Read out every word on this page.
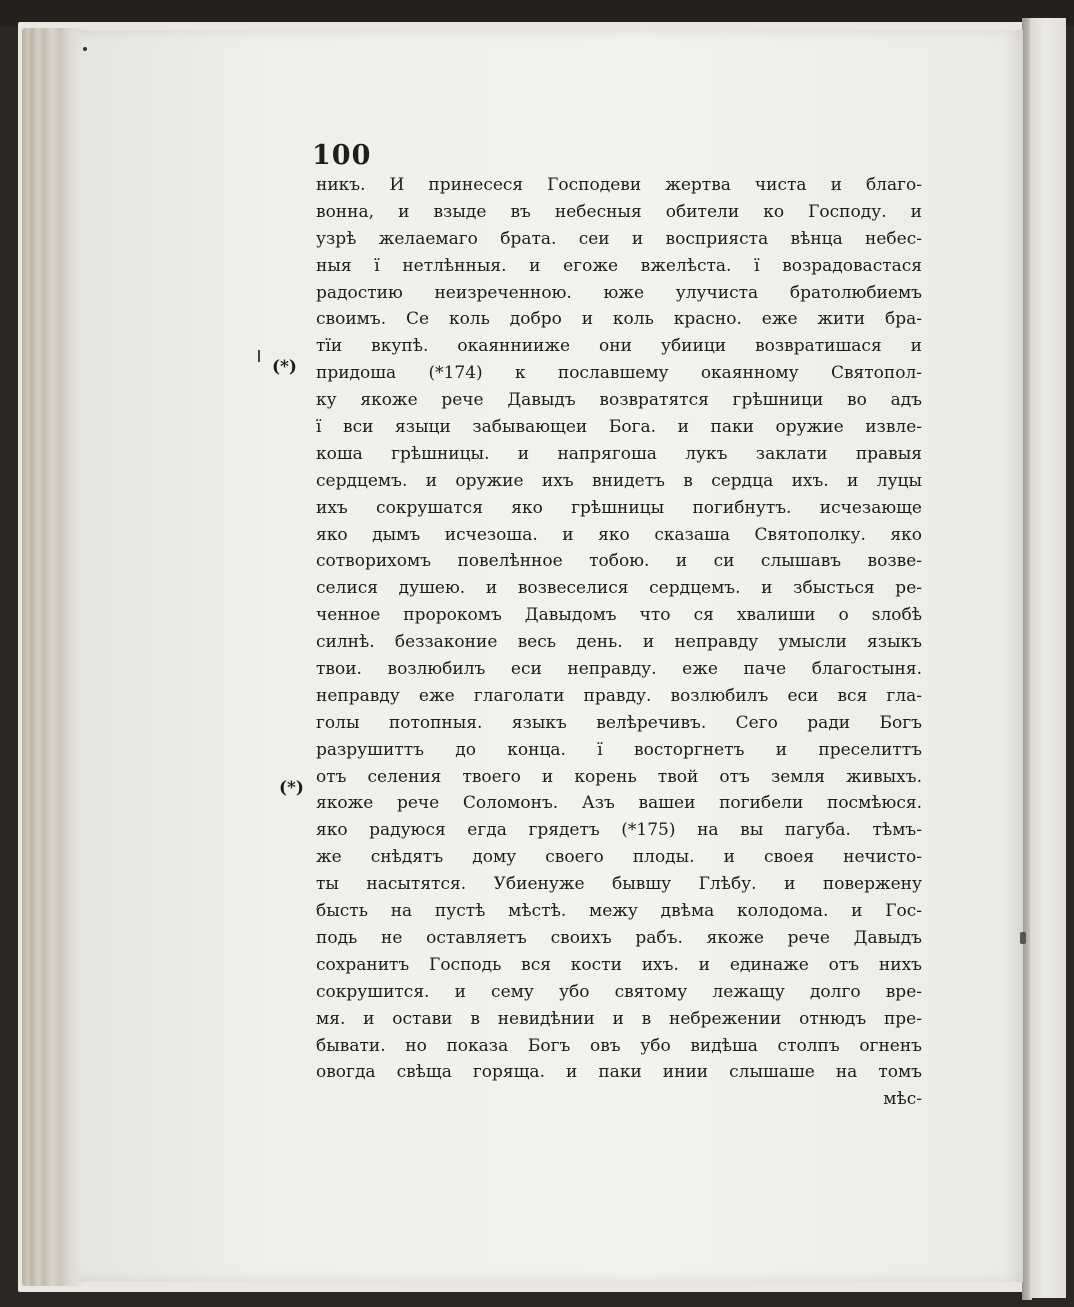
100
(*)
(*)
никъ. И принесеся Господеви жертва чиста и благо-
вонна, и взыде въ небесныя обители ко Господу. и
узрѣ желаемаго брата. сеи и восприяста вѣнца небес-
ныя ї нетлѣнныя. и егоже вжелѣста. ї возрадовастася
радостию неизреченною. юже улучиста братолюбиемъ
своимъ. Се коль добро и коль красно. еже жити бра-
тїи вкупѣ. окаяннииже они убиици возвратишася и
придоша (*174) к пославшему окаянному Святопол-
ку якоже рече Давыдъ возвратятся грѣшници во адъ
ї вси языци забывающеи Бога. и паки оружие извле-
коша грѣшницы. и напрягоша лукъ заклати правыя
сердцемъ. и оружие ихъ внидетъ в сердца ихъ. и луцы
ихъ сокрушатся яко грѣшницы погибнутъ. исчезающе
яко дымъ исчезоша. и яко сказаша Святополку. яко
сотворихомъ повелѣнное тобою. и си слышавъ возве-
селися душею. и возвеселися сердцемъ. и збысться ре-
ченное пророкомъ Давыдомъ что ся хвалиши о ѕлобѣ
силнѣ. беззаконие весь день. и неправду умысли языкъ
твои. возлюбилъ еси неправду. еже паче благостыня.
неправду еже глаголати правду. возлюбилъ еси вся гла-
голы потопныя. языкъ велѣречивъ. Сего ради Богъ
разрушиттъ до конца. ї восторгнетъ и преселиттъ
отъ селения твоего и корень твой отъ земля живыхъ.
якоже рече Соломонъ. Азъ вашеи погибели посмѣюся.
яко радуюся егда грядетъ (*175) на вы пагуба. тѣмъ-
же снѣдятъ дому своего плоды. и своея нечисто-
ты насытятся. Убиенуже бывшу Глѣбу. и повержену
бысть на пустѣ мѣстѣ. межу двѣма колодома. и Гос-
подь не оставляетъ своихъ рабъ. якоже рече Давыдъ
сохранитъ Господь вся кости ихъ. и единаже отъ нихъ
сокрушится. и сему убо святому лежащу долго вре-
мя. и остави в невидѣнии и в небрежении отнюдъ пре-
бывати. но показа Богъ овъ убо видѣша столпъ огненъ
овогда свѣща горяща. и паки инии слышаше на томъ
мѣс-
